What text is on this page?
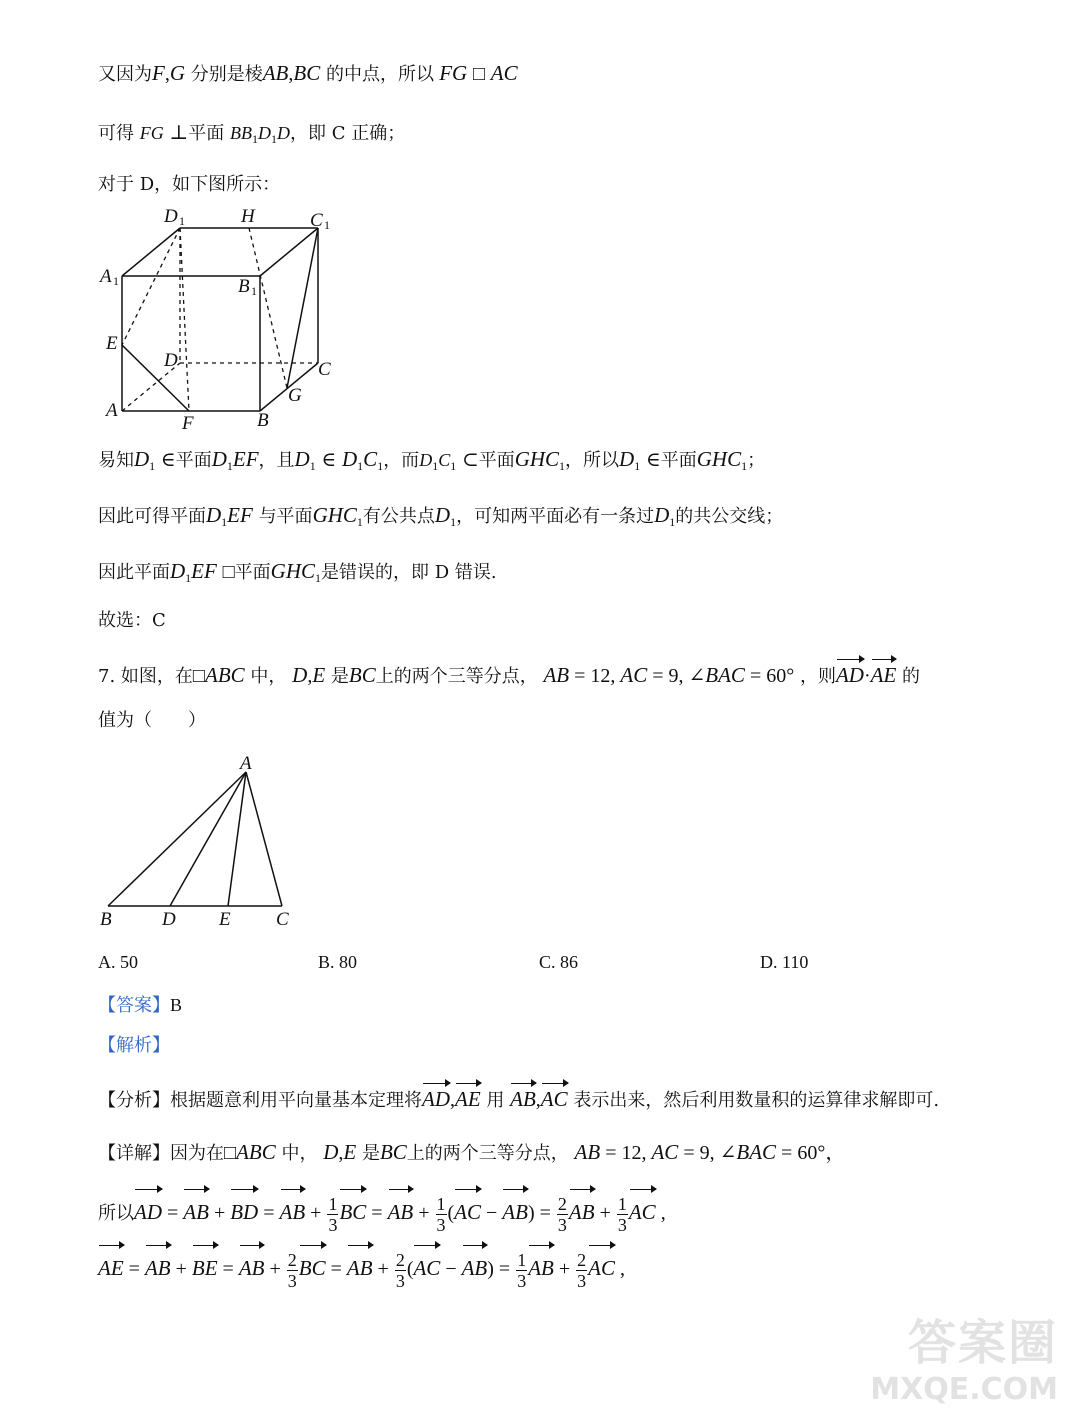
又因为F,G 分别是棱AB,BC 的中点，所以 FG □ AC
可得 FG ⊥平面 $BB_1D_1D$，即 C 正确；
对于 D，如下图所示：
D 1	H	C 1
A 1	B 1
E
D	C
G
A
F	B
易知$D_1$ ∈平面$D_1EF$，且$D_1$ ∈ $D_1C_1$，而$D_1C_1$ ⊂平面$GHC_1$，所以$D_1$ ∈平面$GHC_1$；
因此可得平面$D_1EF$ 与平面$GHC_1$有公共点$D_1$，可知两平面必有一条过$D_1$的共公交线；
因此平面$D_1EF$ □平面$GHC_1$是错误的，即 D 错误.
故选：C
7. 如图，在□ABC 中， D,E 是BC上的两个三等分点， AB = 12, AC = 9, ∠BAC = 60° ，则AD·AE 的
值为（　　）
A
B	D E C
A. 50	B. 80	C. 86	D. 110
【答案】B
【解析】
【分析】根据题意利用平向量基本定理将AD,AE 用 AB,AC 表示出来，然后利用数量积的运算律求解即可.
【详解】因为在□ABC 中， D,E 是BC上的两个三等分点， AB = 12, AC = 9, ∠BAC = 60°，
所以AD = AB + BD = AB + $\frac{1}{3}$ BC = AB + $\frac{1}{3} (AC - AB) = \frac{2}{3}$ AB + $\frac{1}{3}$ AC ,
AE = AB + BE = AB + $\frac{2}{3}$ BC = AB + $\frac{2}{3} (AC - AB) = \frac{1}{3}$ AB + $\frac{2}{3}$ AC ,
答案圈
MXQE.COM
